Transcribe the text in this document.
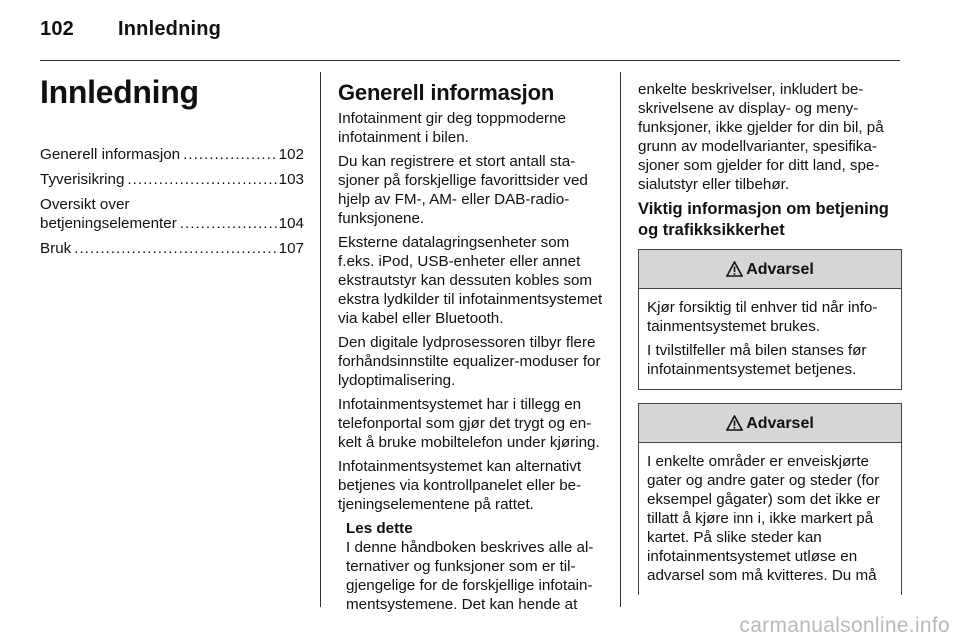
102 Innledning
Innledning
Generell informasjon .....	102
Tyverisikring .....	103
Oversikt over
betjeningselementer .....	104
Bruk .....	107
Generell informasjon

Infotainment gir deg toppmoderne infotainment i bilen.

Du kan registrere et stort antall stasjoner på forskjellige favorittsider ved hjelp av FM-, AM- eller DAB-radiofunksjonene.

Eksterne datalagringsenheter som f.eks. iPod, USB-enheter eller annet ekstrautstyr kan dessuten kobles som ekstra lydkilder til infotainmentsystemet via kabel eller Bluetooth.

Den digitale lydprosessoren tilbyr flere forhåndsinnstilte equalizer-moduser for lydoptimalisering.

Infotainmentsystemet har i tillegg en telefonportal som gjør det trygt og enkelt å bruke mobiltelefon under kjøring.

Infotainmentsystemet kan alternativt betjenes via kontrollpanelet eller betjeningselementene på rattet.

Les dette
I denne håndboken beskrives alle alternativer og funksjoner som er tilgjengelige for de forskjellige infotainmentsystemene. Det kan hende at

enkelte beskrivelser, inkludert beskrivelsene av display- og menyfunksjoner, ikke gjelder for din bil, på grunn av modellvarianter, spesifikasjoner som gjelder for ditt land, spesialutstyr eller tilbehør.

Viktig informasjon om betjening og trafikksikkerhet
Advarsel

Kjør forsiktig til enhver tid når infotainmentsystemet brukes.

I tvilstilfeller må bilen stanses før infotainmentsystemet betjenes.

Advarsel

I enkelte områder er enveiskjørte gater og andre gater og steder (for eksempel gågater) som det ikke er tillatt å kjøre inn i, ikke markert på kartet. På slike steder kan infotainmentsystemet utløse en advarsel som må kvitteres. Du må

carmanualsonline.info
